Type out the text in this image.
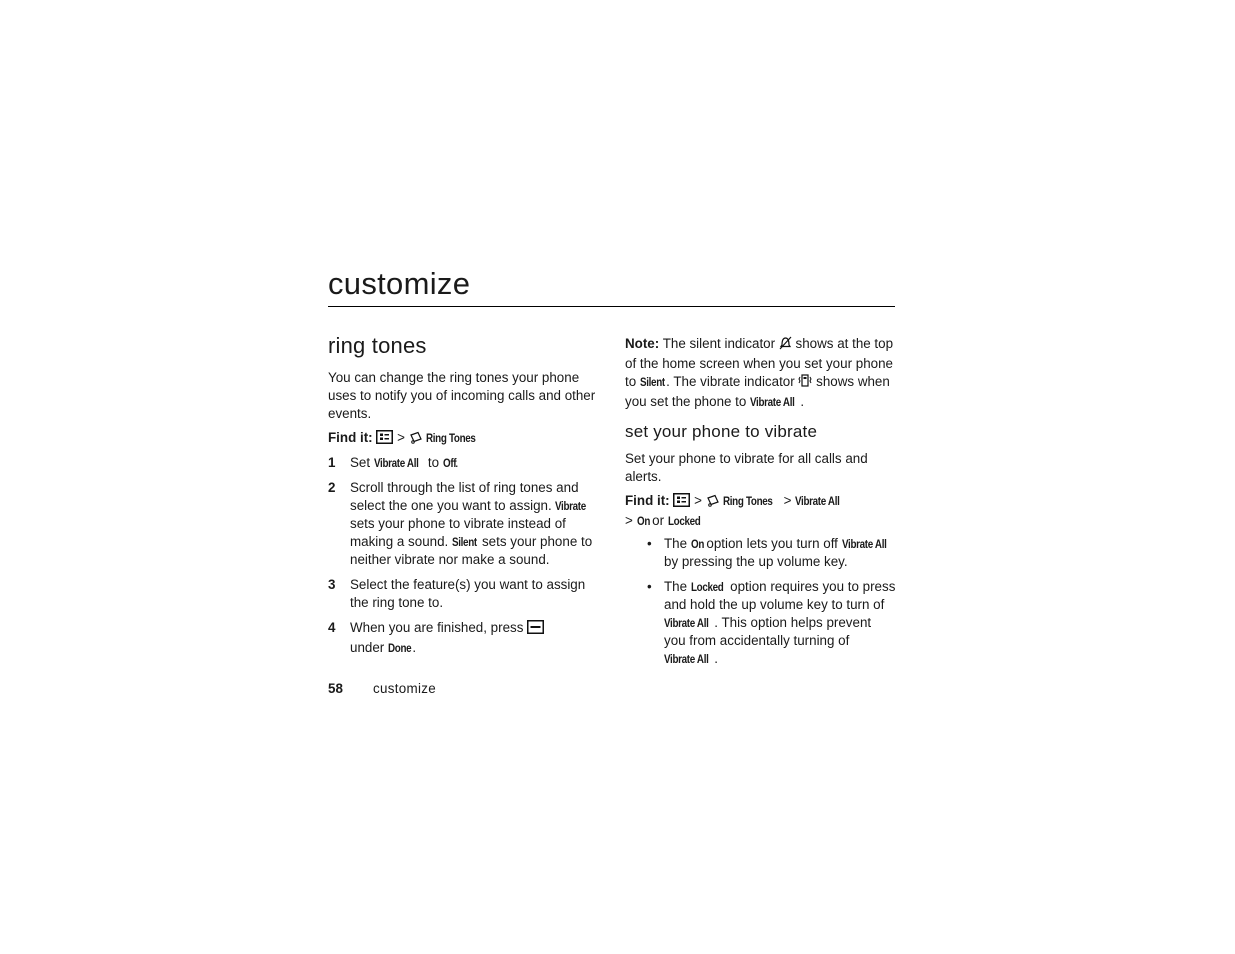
customize
ring tones

You can change the ring tones your phone uses to notify you of incoming calls and other events.

Find it: > Ring Tones

1 Set Vibrate All to Off.
2 Scroll through the list of ring tones and select the one you want to assign. Vibrate sets your phone to vibrate instead of making a sound. Silent sets your phone to neither vibrate nor make a sound.
3 Select the feature(s) you want to assign the ring tone to.
4 When you are finished, press
under Done.
58 customize

Note: The silent indicator  shows at the top of the home screen when you set your phone to Silent. The vibrate indicator  shows when you set the phone to Vibrate All .

set your phone to vibrate

Set your phone to vibrate for all calls and alerts.

Find it: > Ring Tones > Vibrate All
> On or Locked

• The On option lets you turn off Vibrate All by pressing the up volume key.
• The Locked option requires you to press and hold the up volume key to turn of Vibrate All . This option helps prevent you from accidentally turning of Vibrate All .
